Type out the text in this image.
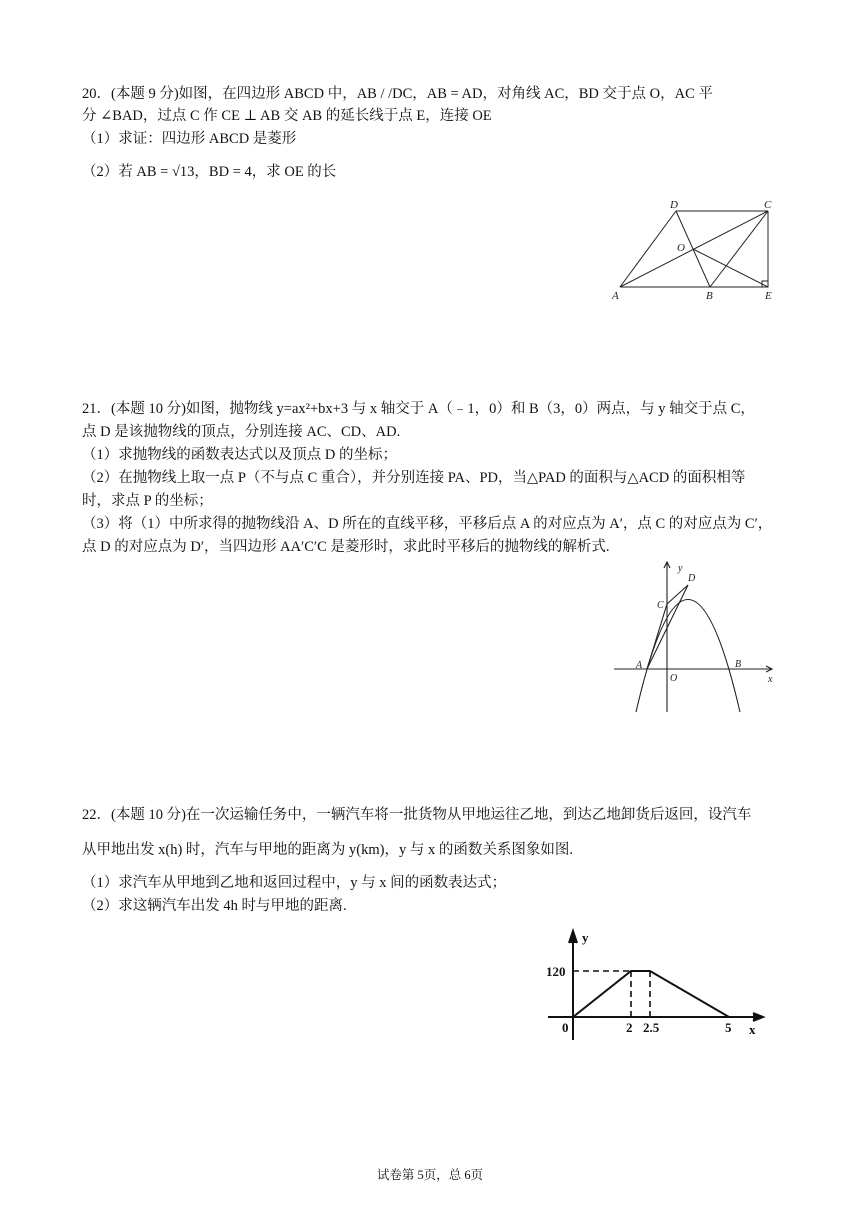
20．(本题 9 分)如图，在四边形 ABCD 中，AB / /DC，AB = AD，对角线 AC，BD 交于点 O，AC 平
分 ∠BAD，过点 C 作 CE ⊥ AB 交 AB 的延长线于点 E，连接 OE
（1）求证：四边形 ABCD 是菱形
（2）若 AB = √13，BD = 4，求 OE 的长
D	C
O
A	B	E
21．(本题 10 分)如图，抛物线 y=ax²+bx+3 与 x 轴交于 A（﹣1，0）和 B（3，0）两点，与 y 轴交于点 C，
点 D 是该抛物线的顶点，分别连接 AC、CD、AD.
（1）求抛物线的函数表达式以及顶点 D 的坐标；
（2）在抛物线上取一点 P（不与点 C 重合），并分别连接 PA、PD，当△PAD 的面积与△ACD 的面积相等
时，求点 P 的坐标；
（3）将（1）中所求得的抛物线沿 A、D 所在的直线平移，平移后点 A 的对应点为 A′，点 C 的对应点为 C′，
点 D 的对应点为 D′，当四边形 AA′C′C 是菱形时，求此时平移后的抛物线的解析式.
y
D
C
A
O
B
x
22．(本题 10 分)在一次运输任务中，一辆汽车将一批货物从甲地运往乙地，到达乙地卸货后返回，设汽车
从甲地出发 x(h) 时，汽车与甲地的距离为 y(km)，y 与 x 的函数关系图象如图.
（1）求汽车从甲地到乙地和返回过程中，y 与 x 间的函数表达式；
（2）求这辆汽车出发 4h 时与甲地的距离.
y
120
0	2 2.5	5 x
试卷第 5页，总 6页
